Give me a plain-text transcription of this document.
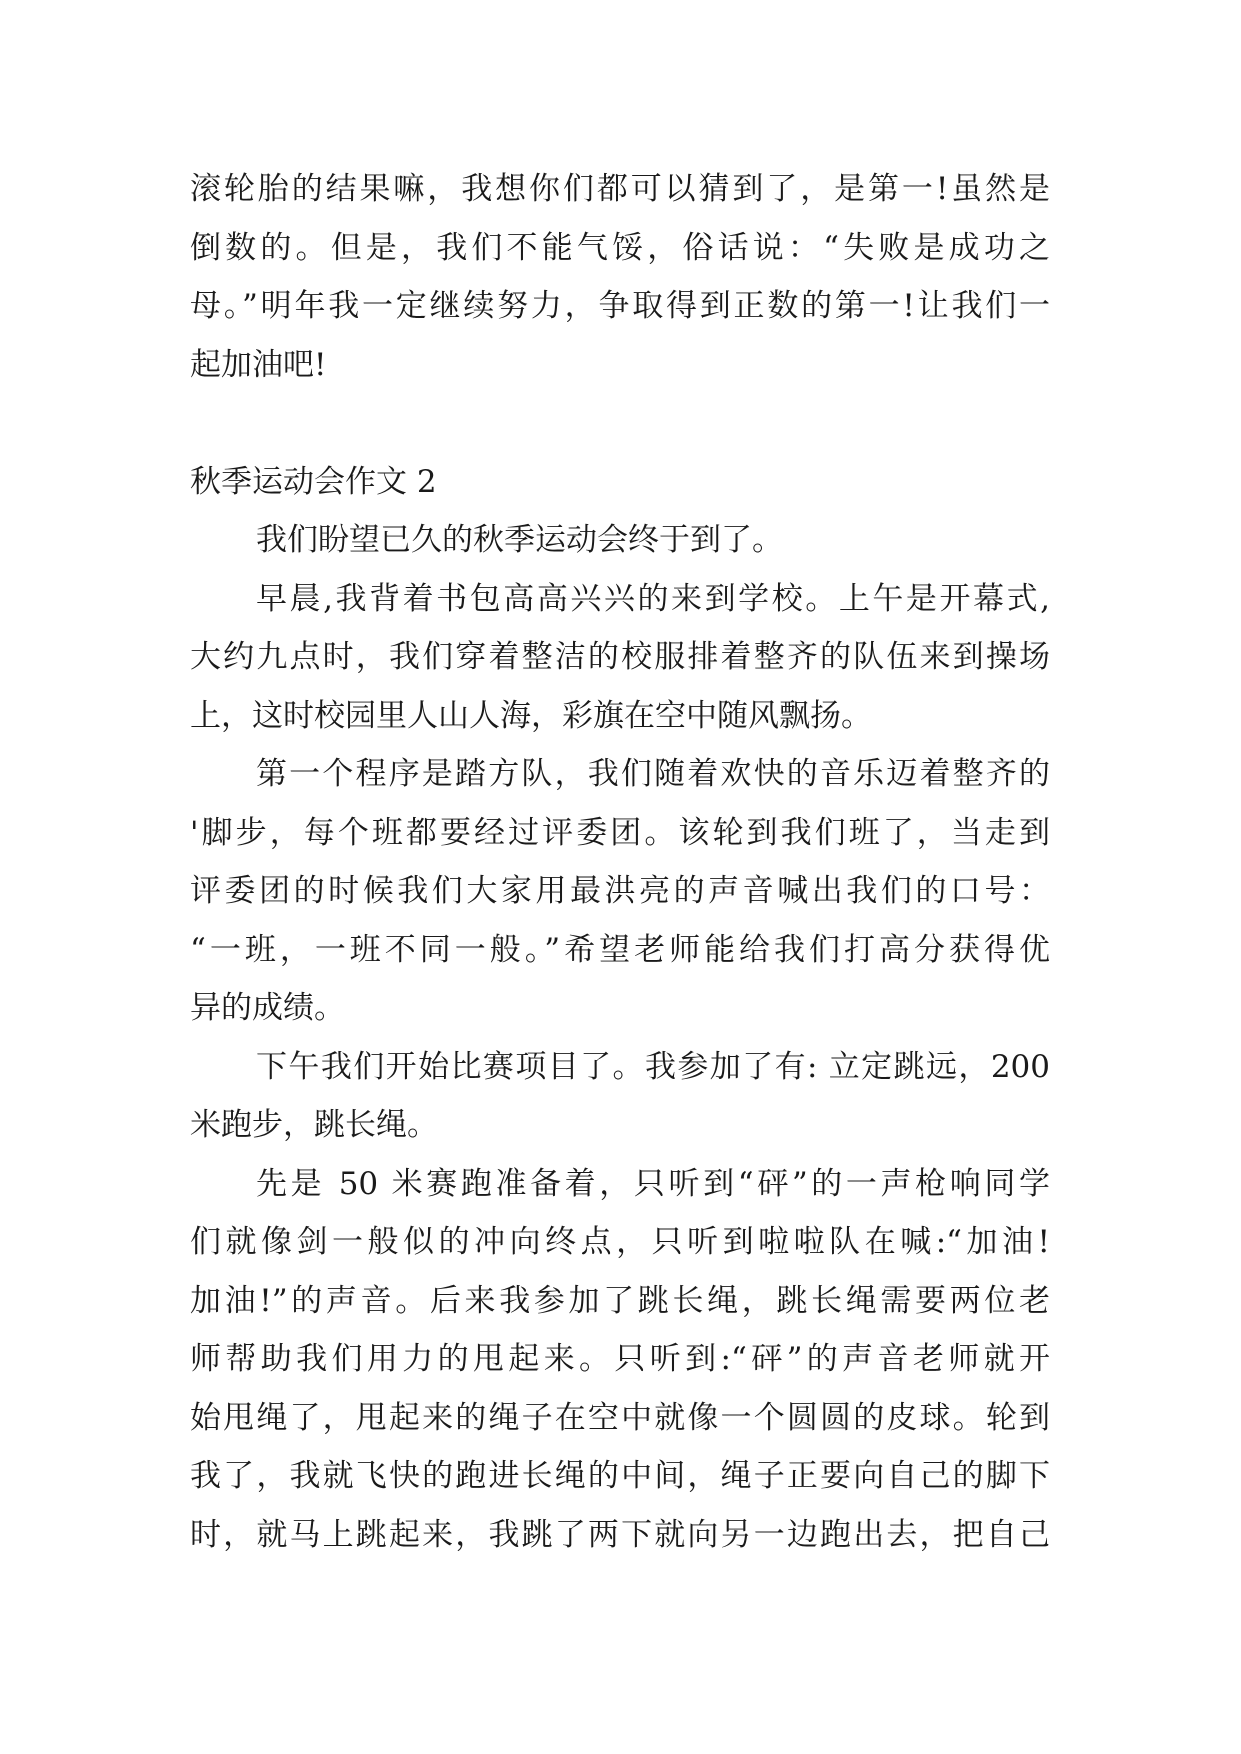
滚轮胎的结果嘛，我想你们都可以猜到了，是第一!虽然是
倒数的。但是，我们不能气馁，俗话说：“失败是成功之
母。”明年我一定继续努力，争取得到正数的第一!让我们一
起加油吧!
秋季运动会作文 2
我们盼望已久的秋季运动会终于到了。
早晨,我背着书包高高兴兴的来到学校。上午是开幕式,
大约九点时，我们穿着整洁的校服排着整齐的队伍来到操场
上，这时校园里人山人海，彩旗在空中随风飘扬。
第一个程序是踏方队，我们随着欢快的音乐迈着整齐的
'脚步，每个班都要经过评委团。该轮到我们班了，当走到
评委团的时候我们大家用最洪亮的声音喊出我们的口号：
“一班，一班不同一般。”希望老师能给我们打高分获得优
异的成绩。
下午我们开始比赛项目了。我参加了有: 立定跳远，200
米跑步，跳长绳。
先是 50 米赛跑准备着，只听到“砰”的一声枪响同学
们就像剑一般似的冲向终点，只听到啦啦队在喊:“加油!
加油!”的声音。后来我参加了跳长绳，跳长绳需要两位老
师帮助我们用力的甩起来。只听到:“砰”的声音老师就开
始甩绳了，甩起来的绳子在空中就像一个圆圆的皮球。轮到
我了，我就飞快的跑进长绳的中间，绳子正要向自己的脚下
时，就马上跳起来，我跳了两下就向另一边跑出去，把自己
